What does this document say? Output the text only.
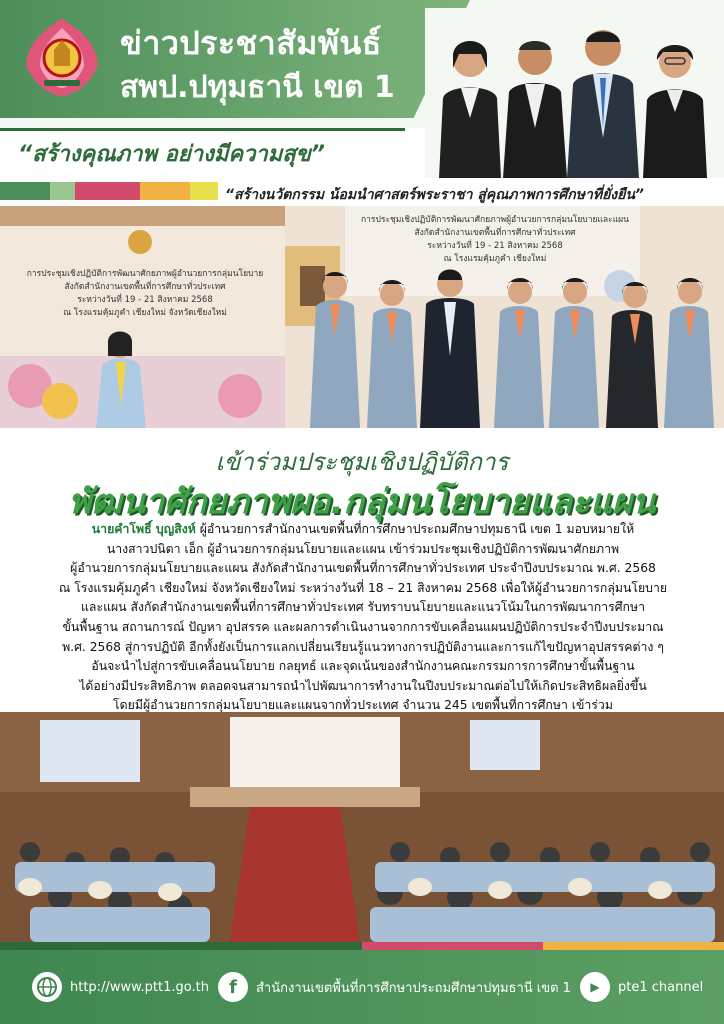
ข่าวประชาสัมพันธ์
สพป.ปทุมธานี เขต 1
“สร้างคุณภาพ อย่างมีความสุข”
“สร้างนวัตกรรม น้อมนำศาสตร์พระราชา สู่คุณภาพการศึกษาที่ยั่งยืน”
การประชุมเชิงปฏิบัติการพัฒนาศักยภาพผู้อำนวยการกลุ่มนโยบาย
สังกัดสำนักงานเขตพื้นที่การศึกษาทั่วประเทศ
ระหว่างวันที่ 19 - 21 สิงหาคม 2568
ณ โรงแรมคุ้มภูคำ เชียงใหม่ จังหวัดเชียงใหม่
การประชุมเชิงปฏิบัติการพัฒนาศักยภาพผู้อำนวยการกลุ่มนโยบายและแผน
สังกัดสำนักงานเขตพื้นที่การศึกษาทั่วประเทศ
ระหว่างวันที่ 19 - 21 สิงหาคม 2568
ณ โรงแรมคุ้มภูคำ เชียงใหม่
เข้าร่วมประชุมเชิงปฏิบัติการ
พัฒนาศักยภาพผอ.กลุ่มนโยบายและแผน
นายคำโพธิ์ บุญสิงห์ ผู้อำนวยการสำนักงานเขตพื้นที่การศึกษาประถมศึกษาปทุมธานี เขต 1 มอบหมายให้
นางสาวปนิตา เอ็ก ผู้อำนวยการกลุ่มนโยบายและแผน เข้าร่วมประชุมเชิงปฏิบัติการพัฒนาศักยภาพ
ผู้อำนวยการกลุ่มนโยบายและแผน สังกัดสำนักงานเขตพื้นที่การศึกษาทั่วประเทศ ประจำปีงบประมาณ พ.ศ. 2568
ณ โรงแรมคุ้มภูคำ เชียงใหม่ จังหวัดเชียงใหม่ ระหว่างวันที่ 18 – 21 สิงหาคม 2568 เพื่อให้ผู้อำนวยการกลุ่มนโยบาย
และแผน สังกัดสำนักงานเขตพื้นที่การศึกษาทั่วประเทศ รับทราบนโยบายและแนวโน้มในการพัฒนาการศึกษา
ขั้นพื้นฐาน สถานการณ์ ปัญหา อุปสรรค และผลการดำเนินงานจากการขับเคลื่อนแผนปฏิบัติการประจำปีงบประมาณ
พ.ศ. 2568 สู่การปฏิบัติ อีกทั้งยังเป็นการแลกเปลี่ยนเรียนรู้แนวทางการปฏิบัติงานและการแก้ไขปัญหาอุปสรรคต่าง ๆ
อันจะนำไปสู่การขับเคลื่อนนโยบาย กลยุทธ์ และจุดเน้นของสำนักงานคณะกรรมการการศึกษาขั้นพื้นฐาน
ได้อย่างมีประสิทธิภาพ ตลอดจนสามารถนำไปพัฒนาการทำงานในปีงบประมาณต่อไปให้เกิดประสิทธิผลยิ่งขึ้น
โดยมีผู้อำนวยการกลุ่มนโยบายและแผนจากทั่วประเทศ จำนวน 245 เขตพื้นที่การศึกษา เข้าร่วม
http://www.ptt1.go.th	f	สำนักงานเขตพื้นที่การศึกษาประถมศึกษาปทุมธานี เขต 1	▶	pte1 channel
